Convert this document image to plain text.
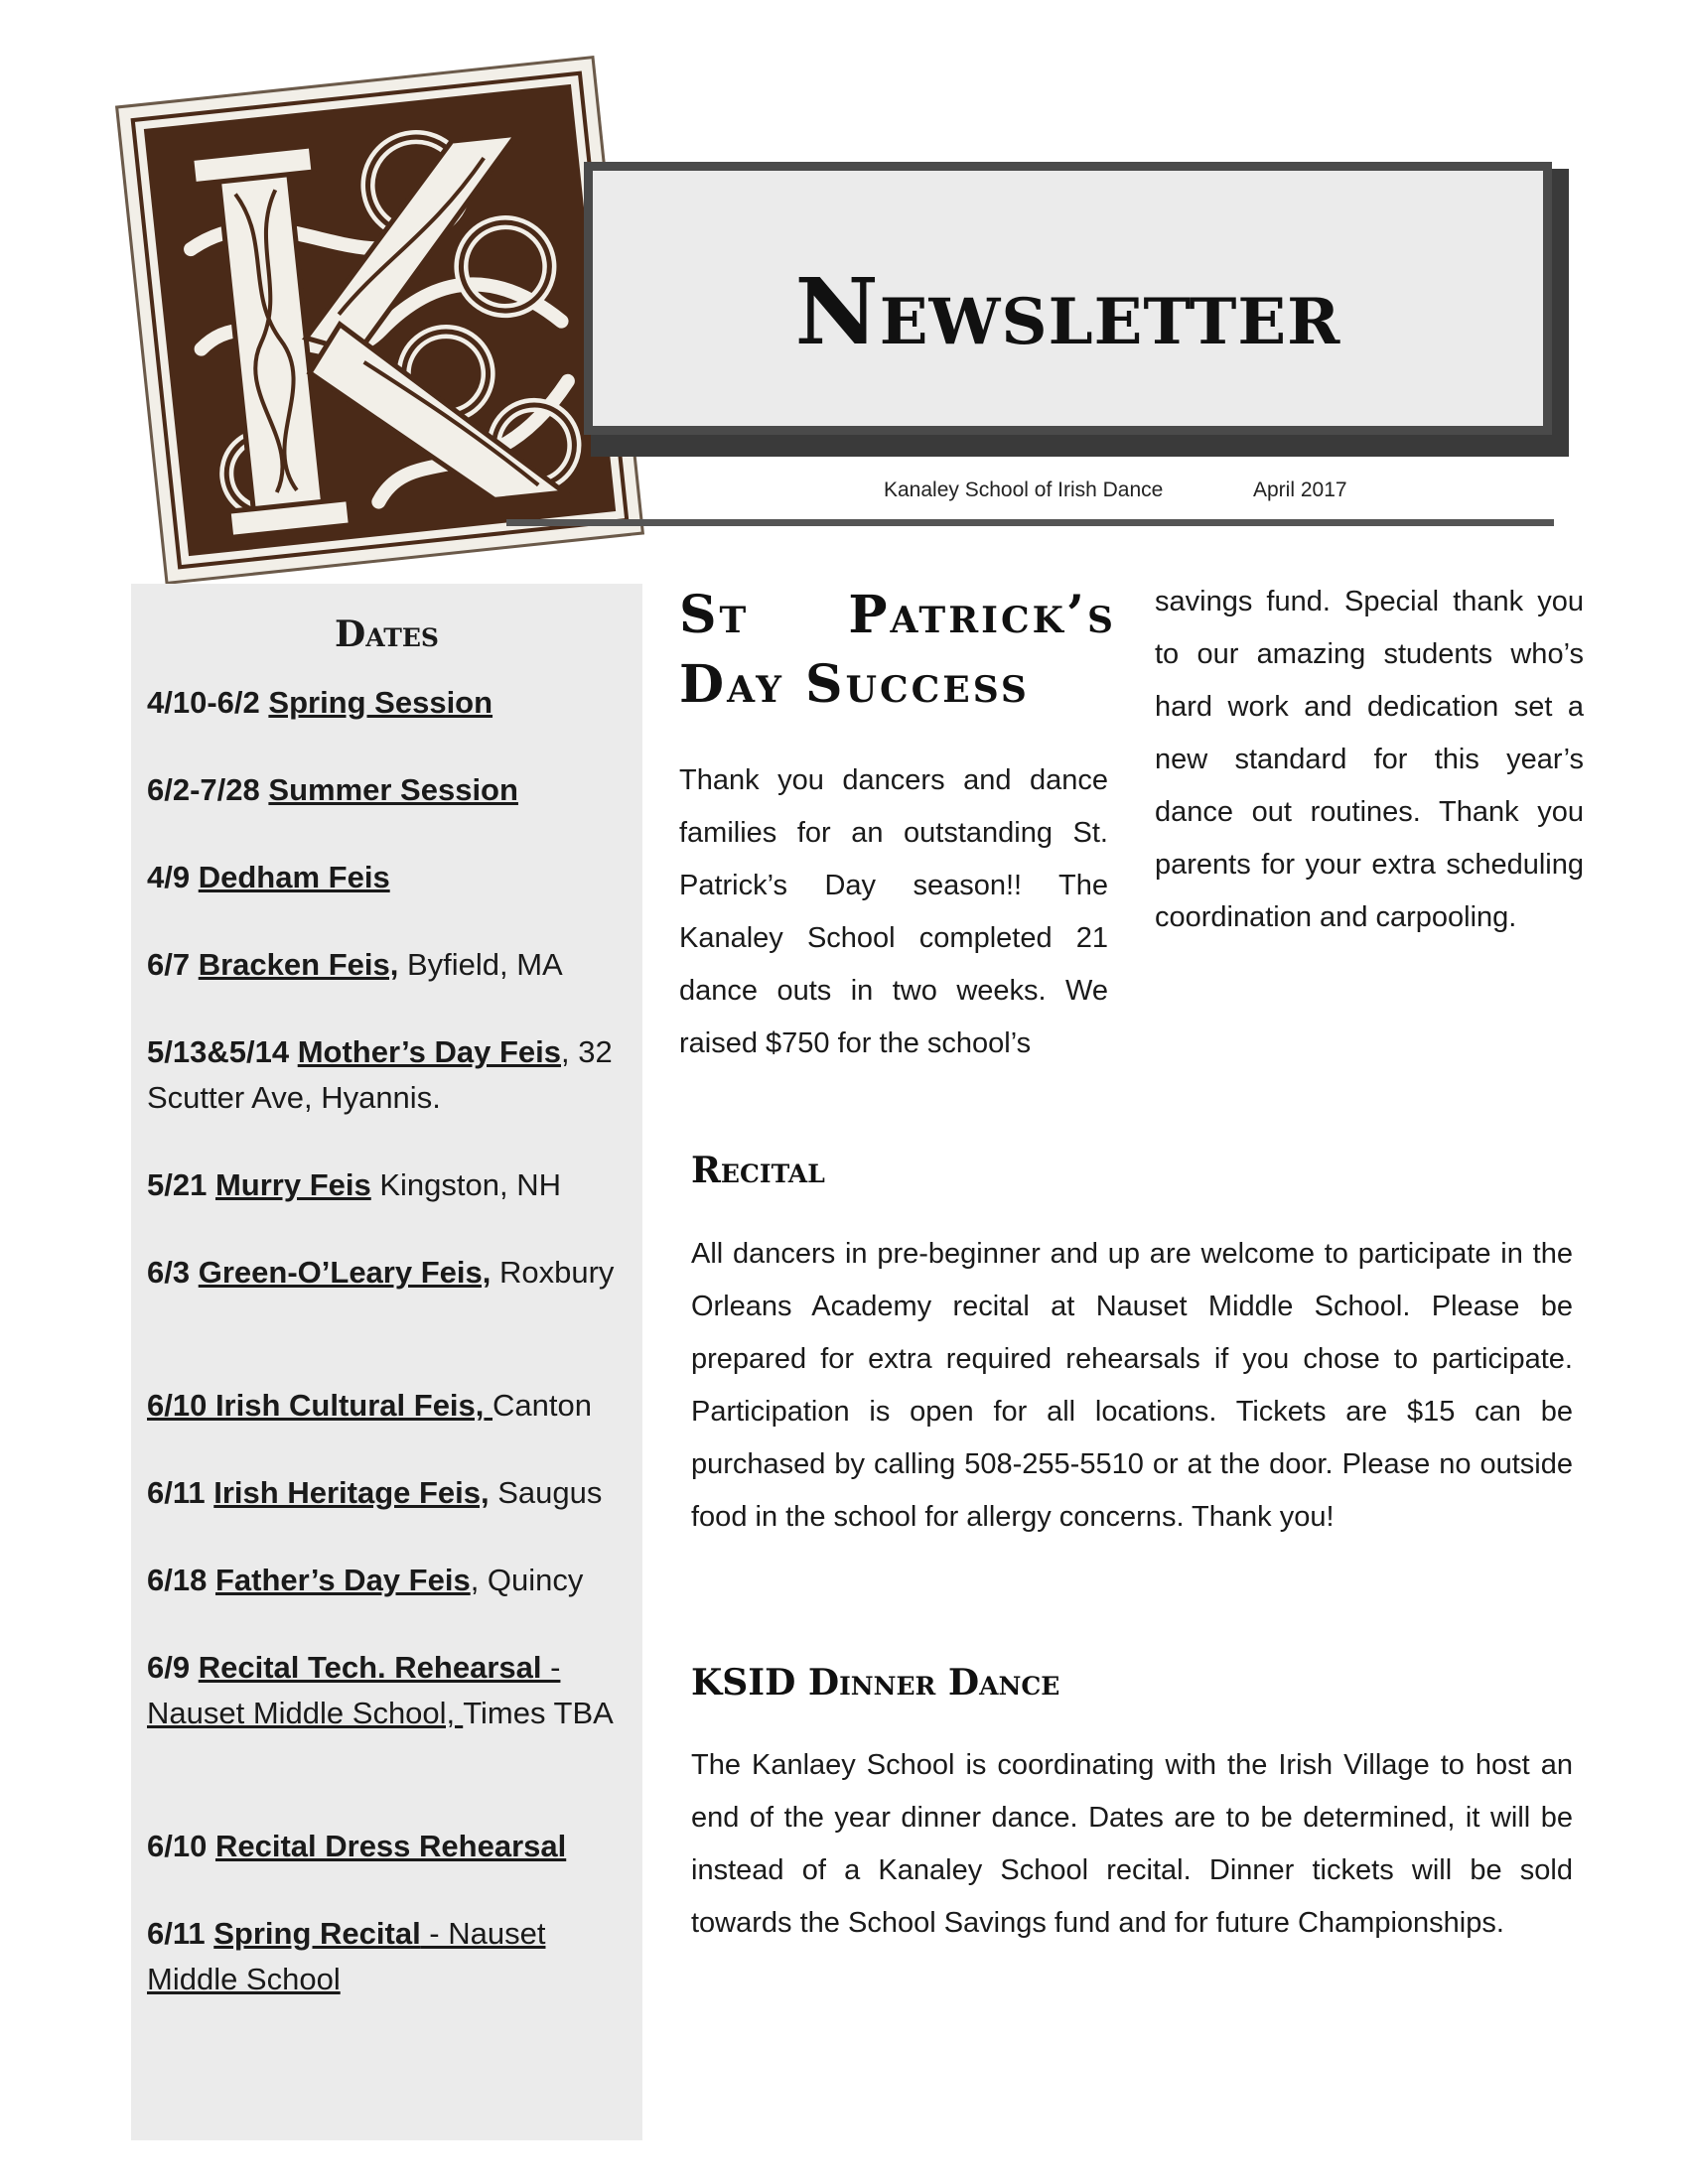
Newsletter
Kanaley School of Irish Dance	April 2017
Dates
4/10-6/2 Spring Session
6/2-7/28 Summer Session
4/9 Dedham Feis
6/7 Bracken Feis, Byfield, MA
5/13&5/14 Mother’s Day Feis, 32 Scutter Ave, Hyannis.
5/21 Murry Feis Kingston, NH
6/3 Green-O’Leary Feis, Roxbury
6/10 Irish Cultural Feis, Canton
6/11 Irish Heritage Feis, Saugus
6/18 Father’s Day Feis, Quincy
6/9 Recital Tech. Rehearsal - Nauset Middle School, Times TBA
6/10 Recital Dress Rehearsal
6/11 Spring Recital - Nauset Middle School
St Patrick’s
Day Success
Thank you dancers and dance families for an outstanding St. Patrick’s Day season!! The Kanaley School completed 21 dance outs in two weeks. We raised $750 for the school’s
savings fund. Special thank you to our amazing students who’s hard work and dedication set a new standard for this year’s dance out routines. Thank you parents for your extra scheduling coordination and carpooling.
Recital
All dancers in pre-beginner and up are welcome to participate in the Orleans Academy recital at Nauset Middle School. Please be prepared for extra required rehearsals if you chose to participate. Participation is open for all locations. Tickets are $15 can be purchased by calling 508-255-5510 or at the door. Please no outside food in the school for allergy concerns. Thank you!
KSID Dinner Dance
The Kanlaey School is coordinating with the Irish Village to host an end of the year dinner dance. Dates are to be determined, it will be instead of a Kanaley School recital. Dinner tickets will be sold towards the School Savings fund and for future Championships.
